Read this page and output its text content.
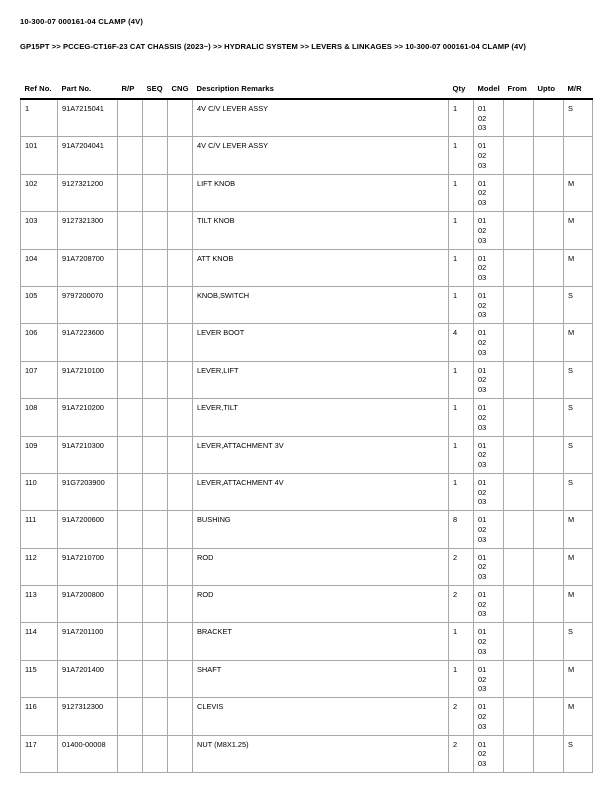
10-300-07 000161-04 CLAMP (4V)
GP15PT >> PCCEG-CT16F-23 CAT CHASSIS (2023~) >> HYDRALIC SYSTEM >> LEVERS & LINKAGES >> 10-300-07 000161-04 CLAMP (4V)
Ref No.	Part No.	R/P	SEQ	CNG	Description Remarks	Qty	Model	From	Upto	M/R
1	91A7215041				4V C/V LEVER ASSY	1	01
02
03			S
101	91A7204041				4V C/V LEVER ASSY	1	01
02
03			

102	9127321200				LIFT KNOB	1	01
02
03			M
103	9127321300				TILT KNOB	1	01
02
03			M
104	91A7208700				ATT KNOB	1	01
02
03			M
105	9797200070				KNOB,SWITCH	1	01
02
03			S
106	91A7223600				LEVER BOOT	4	01
02
03			M
107	91A7210100				LEVER,LIFT	1	01
02
03			S
108	91A7210200				LEVER,TILT	1	01
02
03			S
109	91A7210300				LEVER,ATTACHMENT 3V	1	01
02
03			S
110	91G7203900				LEVER,ATTACHMENT 4V	1	01
02
03			S
111	91A7200600				BUSHING	8	01
02
03			M
112	91A7210700				ROD	2	01
02
03			M
113	91A7200800				ROD	2	01
02
03			M
114	91A7201100				BRACKET	1	01
02
03			S
115	91A7201400				SHAFT	1	01
02
03			M
116	9127312300				CLEVIS	2	01
02
03			M
117	01400-00008				NUT (M8X1.25)	2	01
02
03			S
